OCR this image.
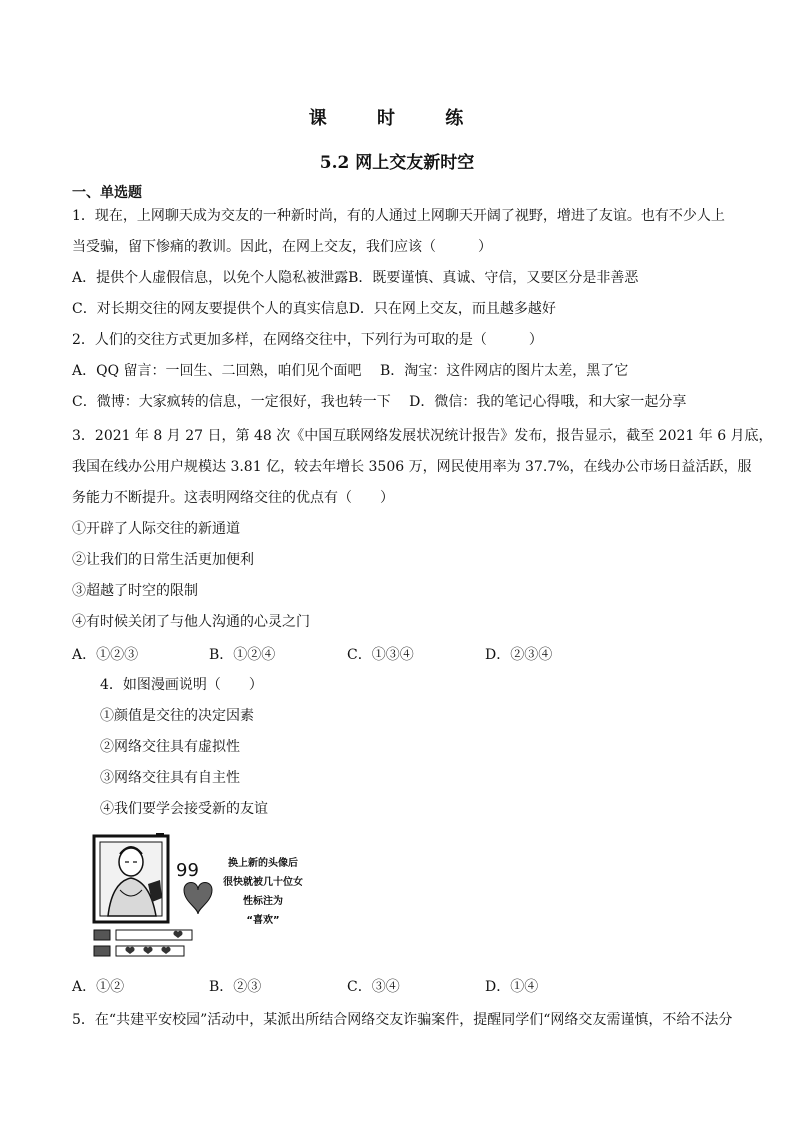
课 时 练
5.2 网上交友新时空
一、单选题
1．现在，上网聊天成为交友的一种新时尚，有的人通过上网聊天开阔了视野，增进了友谊。也有不少人上
当受骗，留下惨痛的教训。因此，在网上交友，我们应该（　　　）
A．提供个人虚假信息，以免个人隐私被泄露B．既要谨慎、真诚、守信，又要区分是非善恶
C．对长期交往的网友要提供个人的真实信息D．只在网上交友，而且越多越好
2．人们的交往方式更加多样，在网络交往中，下列行为可取的是（　　　）
A．QQ 留言：一回生、二回熟，咱们见个面吧　 B．淘宝：这件网店的图片太差，黑了它
C．微博：大家疯转的信息，一定很好，我也转一下　 D．微信：我的笔记心得哦，和大家一起分享
3．2021 年 8 月 27 日，第 48 次《中国互联网络发展状况统计报告》发布，报告显示，截至 2021 年 6 月底，
我国在线办公用户规模达 3.81 亿，较去年增长 3506 万，网民使用率为 37.7%，在线办公市场日益活跃，服
务能力不断提升。这表明网络交往的优点有（　　）
①开辟了人际交往的新通道
②让我们的日常生活更加便利
③超越了时空的限制
④有时候关闭了与他人沟通的心灵之门
A．①②③	B．①②④	C．①③④	D．②③④
4．如图漫画说明（　　）
①颜值是交往的决定因素
②网络交往具有虚拟性
③网络交往具有自主性
④我们要学会接受新的友谊
99	换上新的头像后
很快就被几十位女
性标注为
“喜欢”
A．①②	B．②③	C．③④	D．①④
5．在“共建平安校园”活动中，某派出所结合网络交友诈骗案件，提醒同学们“网络交友需谨慎，不给不法分
